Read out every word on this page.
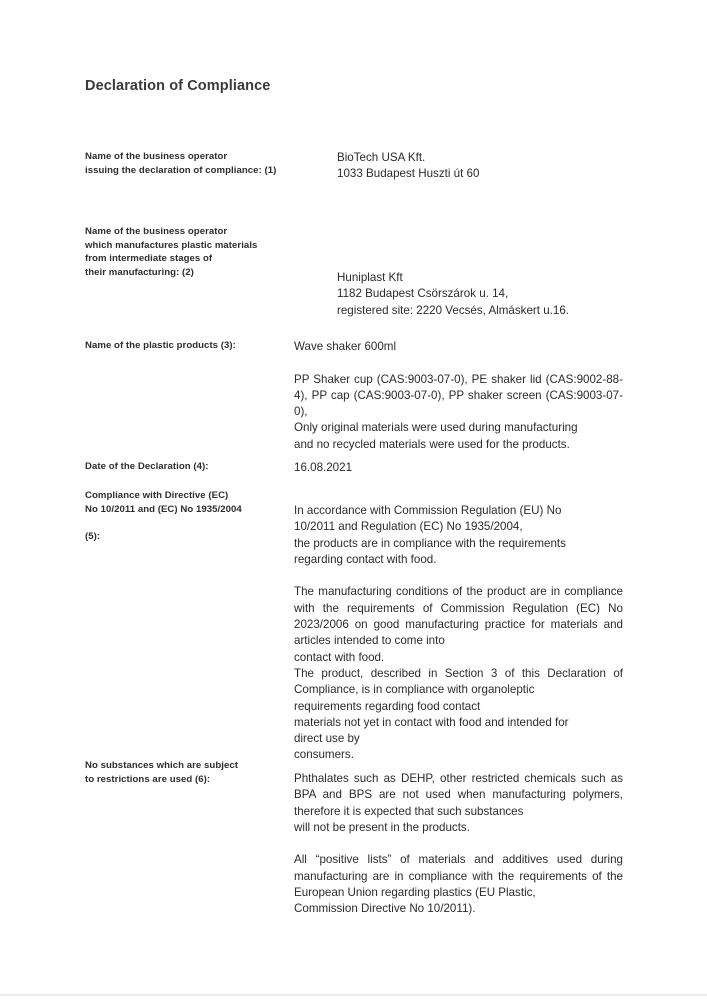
Declaration of Compliance
Name of the business operator
issuing the declaration of compliance: (1)

BioTech USA Kft.

1033 Budapest Huszti út 60

Name of the business operator
which manufactures plastic materials
from intermediate stages of
their manufacturing: (2)	Huniplast Kft

1182 Budapest Csörszárok u. 14,

registered site: 2220 Vecsés, Almáskert u.16.

Name of the plastic products (3):	Wave shaker 600ml

PP Shaker cup (CAS:9003-07-0), PE shaker lid (CAS:9002-88-4), PP cap (CAS:9003-07-0), PP shaker screen (CAS:9003-07-0),

Only original materials were used during manufacturing

and no recycled materials were used for the products.

Date of the Declaration (4):	16.08.2021

Compliance with Directive (EC)
No 10/2011 and (EC) No 1935/2004
(5):

In accordance with Commission Regulation (EU) No

10/2011 and Regulation (EC) No 1935/2004,

the products are in compliance with the requirements

regarding contact with food.

The manufacturing conditions of the product are in compliance with the requirements of Commission Regulation (EC) No 2023/2006 on good manufacturing practice for materials and articles intended to come into

contact with food.

The product, described in Section 3 of this Declaration of Compliance, is in compliance with organoleptic

requirements regarding food contact

materials not yet in contact with food and intended for

direct use by

consumers.

No substances which are subject
to restrictions are used (6):	Phthalates such as DEHP, other restricted chemicals such as BPA and BPS are not used when manufacturing polymers, therefore it is expected that such substances

will not be present in the products.

All “positive lists” of materials and additives used during manufacturing are in compliance with the requirements of the European Union regarding plastics (EU Plastic,

Commission Directive No 10/2011).
